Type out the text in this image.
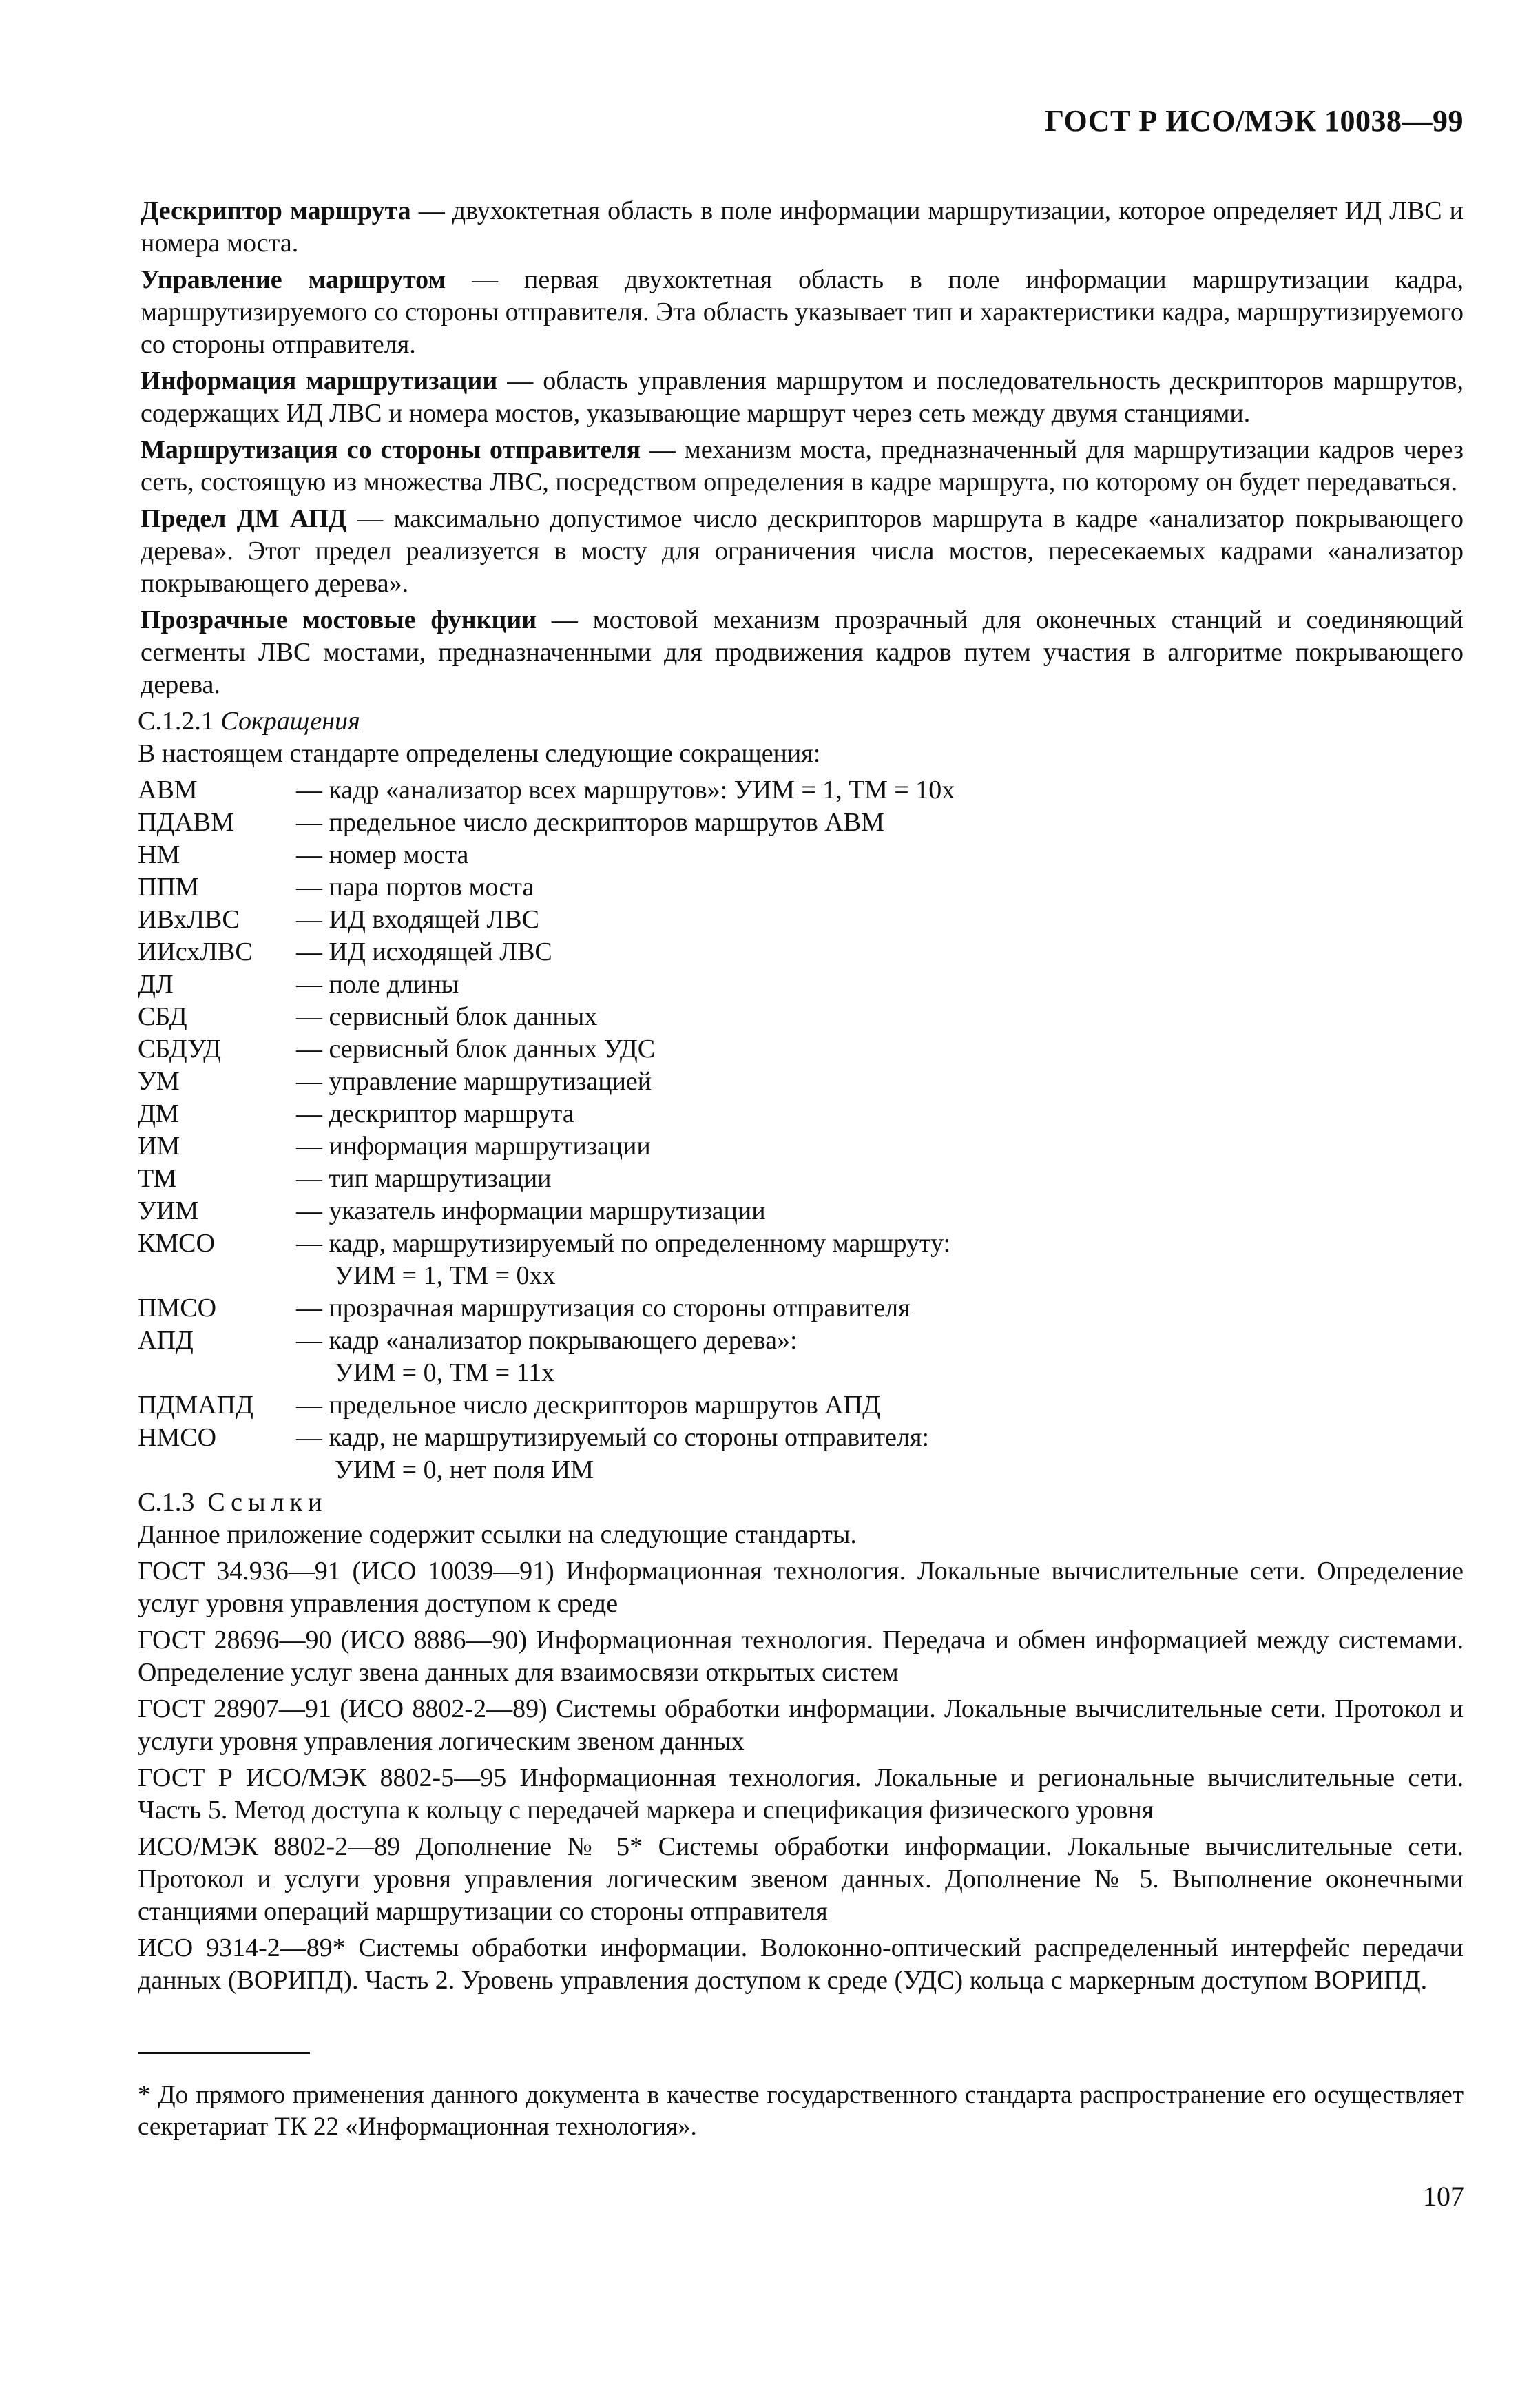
ГОСТ Р ИСО/МЭК 10038—99

Дескриптор маршрута — двухоктетная область в поле информации маршрутизации, которое определяет ИД ЛВС и номера моста.

Управление маршрутом — первая двухоктетная область в поле информации маршрутизации кадра, маршрутизируемого со стороны отправителя. Эта область указывает тип и характеристики кадра, маршрутизируемого со стороны отправителя.

Информация маршрутизации — область управления маршрутом и последовательность дескрипторов маршрутов, содержащих ИД ЛВС и номера мостов, указывающие маршрут через сеть между двумя станциями.

Маршрутизация со стороны отправителя — механизм моста, предназначенный для маршрутизации кадров через сеть, состоящую из множества ЛВС, посредством определения в кадре маршрута, по которому он будет передаваться.

Предел ДМ АПД — максимально допустимое число дескрипторов маршрута в кадре «анализатор покрывающего дерева». Этот предел реализуется в мосту для ограничения числа мостов, пересекаемых кадрами «анализатор покрывающего дерева».

Прозрачные мостовые функции — мостовой механизм прозрачный для оконечных станций и соединяющий сегменты ЛВС мостами, предназначенными для продвижения кадров путем участия в алгоритме покрывающего дерева.

С.1.2.1 Сокращения

В настоящем стандарте определены следующие сокращения:

АВМ	— кадр «анализатор всех маршрутов»: УИМ = 1, ТМ = 10х
ПДАВМ	— предельное число дескрипторов маршрутов АВМ
НМ	— номер моста
ППМ	— пара портов моста
ИВхЛВС	— ИД входящей ЛВС
ИИсхЛВС	— ИД исходящей ЛВС
ДЛ	— поле длины
СБД	— сервисный блок данных
СБДУД	— сервисный блок данных УДС
УМ	— управление маршрутизацией
ДМ	— дескриптор маршрута
ИМ	— информация маршрутизации
ТМ	— тип маршрутизации
УИМ	— указатель информации маршрутизации
КМСО	— кадр, маршрутизируемый по определенному маршруту:
УИМ = 1, ТМ = 0хх
ПМСО	— прозрачная маршрутизация со стороны отправителя
АПД	— кадр «анализатор покрывающего дерева»:
УИМ = 0, ТМ = 11х
ПДМАПД	— предельное число дескрипторов маршрутов АПД
НМСО	— кадр, не маршрутизируемый со стороны отправителя:
УИМ = 0, нет поля ИМ

С.1.3 Ссылки

Данное приложение содержит ссылки на следующие стандарты.

ГОСТ 34.936—91 (ИСО 10039—91) Информационная технология. Локальные вычислительные сети. Определение услуг уровня управления доступом к среде

ГОСТ 28696—90 (ИСО 8886—90) Информационная технология. Передача и обмен информацией между системами. Определение услуг звена данных для взаимосвязи открытых систем

ГОСТ 28907—91 (ИСО 8802-2—89) Системы обработки информации. Локальные вычислительные сети. Протокол и услуги уровня управления логическим звеном данных

ГОСТ Р ИСО/МЭК 8802-5—95 Информационная технология. Локальные и региональные вычислительные сети. Часть 5. Метод доступа к кольцу с передачей маркера и спецификация физического уровня

ИСО/МЭК 8802-2—89 Дополнение № 5* Системы обработки информации. Локальные вычислительные сети. Протокол и услуги уровня управления логическим звеном данных. Дополнение № 5. Выполнение оконечными станциями операций маршрутизации со стороны отправителя

ИСО 9314-2—89* Системы обработки информации. Волоконно-оптический распределенный интерфейс передачи данных (ВОРИПД). Часть 2. Уровень управления доступом к среде (УДС) кольца с маркерным доступом ВОРИПД.

* До прямого применения данного документа в качестве государственного стандарта распространение его осуществляет секретариат ТК 22 «Информационная технология».

107
